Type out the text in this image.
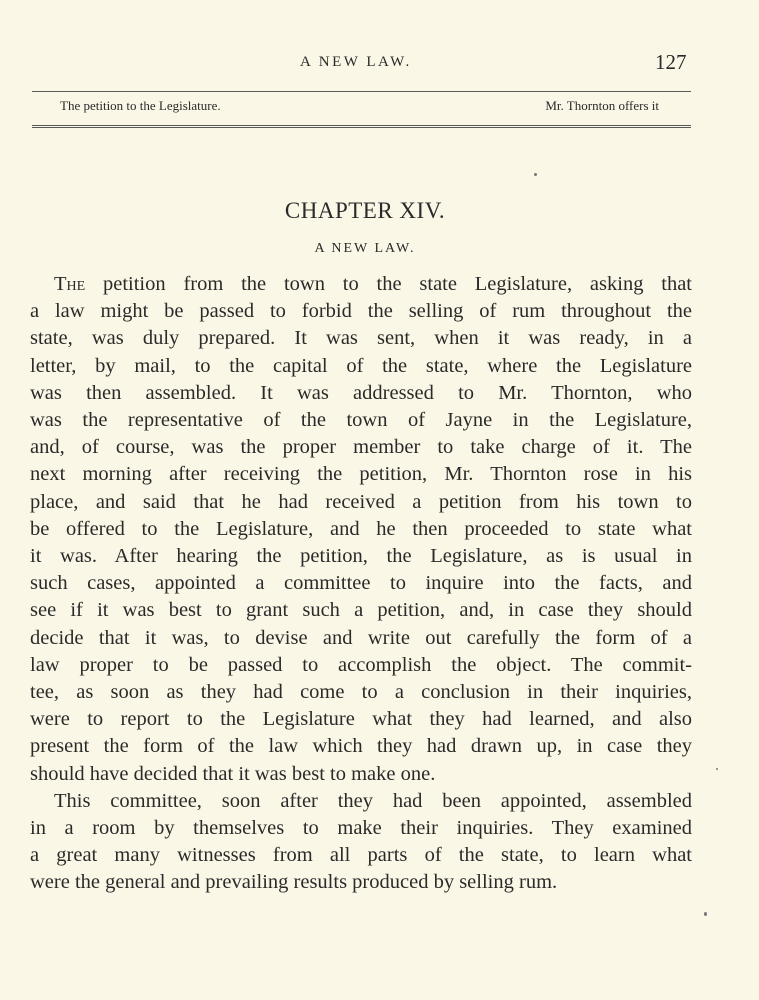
A NEW LAW.	127
The petition to the Legislature.	Mr. Thornton offers it
CHAPTER XIV.
A NEW LAW.
The petition from the town to the state Legislature, asking that
a law might be passed to forbid the selling of rum throughout the
state, was duly prepared. It was sent, when it was ready, in a
letter, by mail, to the capital of the state, where the Legislature
was then assembled. It was addressed to Mr. Thornton, who
was the representative of the town of Jayne in the Legislature,
and, of course, was the proper member to take charge of it. The
next morning after receiving the petition, Mr. Thornton rose in his
place, and said that he had received a petition from his town to
be offered to the Legislature, and he then proceeded to state what
it was. After hearing the petition, the Legislature, as is usual in
such cases, appointed a committee to inquire into the facts, and
see if it was best to grant such a petition, and, in case they should
decide that it was, to devise and write out carefully the form of a
law proper to be passed to accomplish the object. The commit-
tee, as soon as they had come to a conclusion in their inquiries,
were to report to the Legislature what they had learned, and also
present the form of the law which they had drawn up, in case they
should have decided that it was best to make one.
This committee, soon after they had been appointed, assembled
in a room by themselves to make their inquiries. They examined
a great many witnesses from all parts of the state, to learn what
were the general and prevailing results produced by selling rum.
